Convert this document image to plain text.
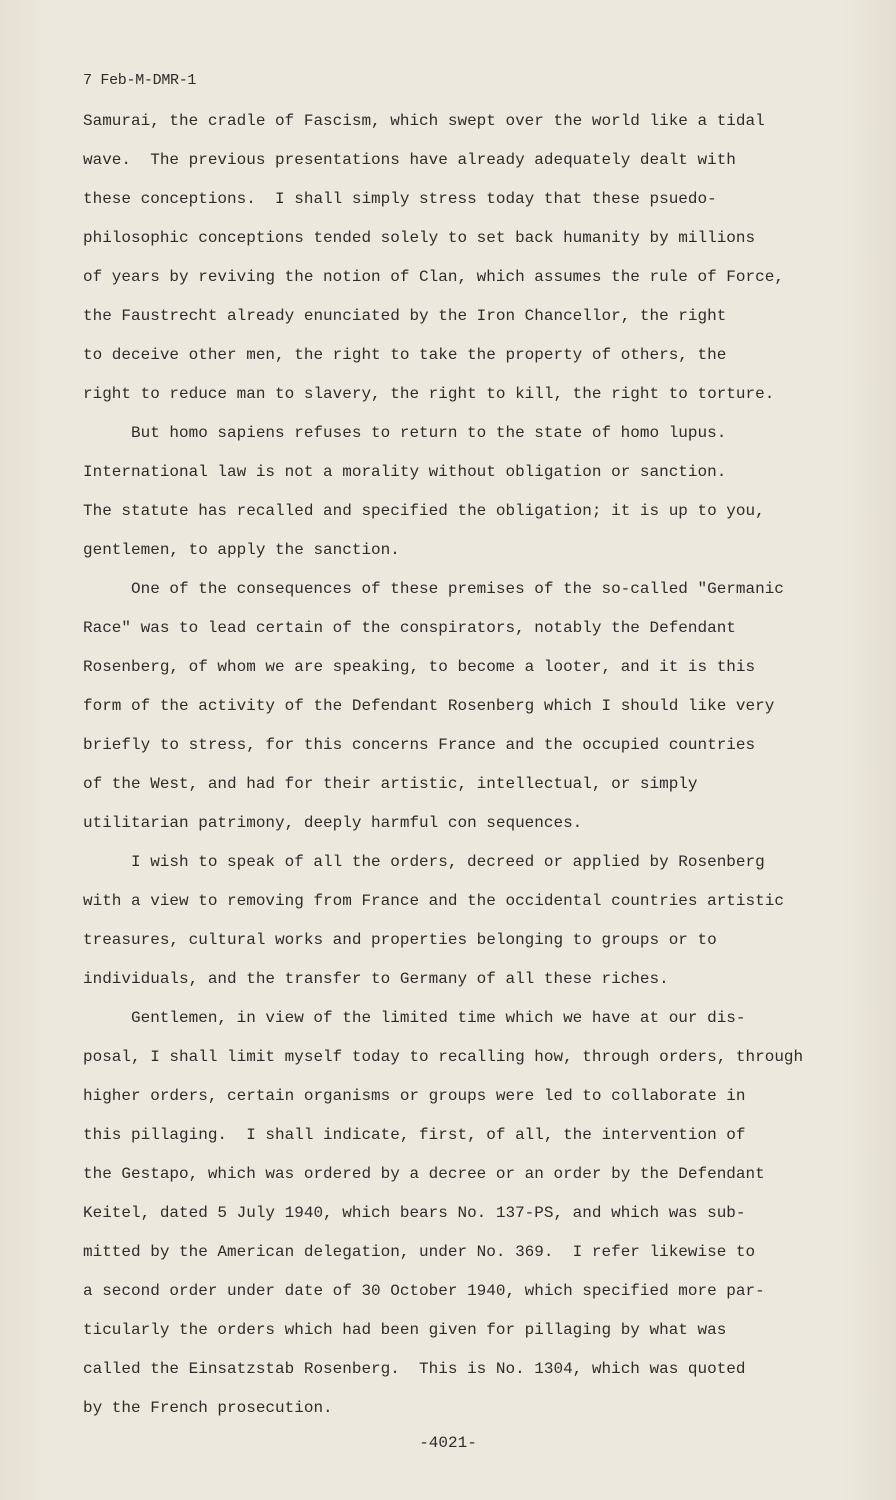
7 Feb-M-DMR-1
Samurai, the cradle of Fascism, which swept over the world like a tidal
wave.  The previous presentations have already adequately dealt with
these conceptions.  I shall simply stress today that these psuedo-
philosophic conceptions tended solely to set back humanity by millions
of years by reviving the notion of Clan, which assumes the rule of Force,
the Faustrecht already enunciated by the Iron Chancellor, the right
to deceive other men, the right to take the property of others, the
right to reduce man to slavery, the right to kill, the right to torture.
But homo sapiens refuses to return to the state of homo lupus.
International law is not a morality without obligation or sanction.
The statute has recalled and specified the obligation; it is up to you,
gentlemen, to apply the sanction.
One of the consequences of these premises of the so-called "Germanic
Race" was to lead certain of the conspirators, notably the Defendant
Rosenberg, of whom we are speaking, to become a looter, and it is this
form of the activity of the Defendant Rosenberg which I should like very
briefly to stress, for this concerns France and the occupied countries
of the West, and had for their artistic, intellectual, or simply
utilitarian patrimony, deeply harmful con sequences.
I wish to speak of all the orders, decreed or applied by Rosenberg
with a view to removing from France and the occidental countries artistic
treasures, cultural works and properties belonging to groups or to
individuals, and the transfer to Germany of all these riches.
Gentlemen, in view of the limited time which we have at our dis-
posal, I shall limit myself today to recalling how, through orders, through
higher orders, certain organisms or groups were led to collaborate in
this pillaging.  I shall indicate, first, of all, the intervention of
the Gestapo, which was ordered by a decree or an order by the Defendant
Keitel, dated 5 July 1940, which bears No. 137-PS, and which was sub-
mitted by the American delegation, under No. 369.  I refer likewise to
a second order under date of 30 October 1940, which specified more par-
ticularly the orders which had been given for pillaging by what was
called the Einsatzstab Rosenberg.  This is No. 1304, which was quoted
by the French prosecution.
-4021-
